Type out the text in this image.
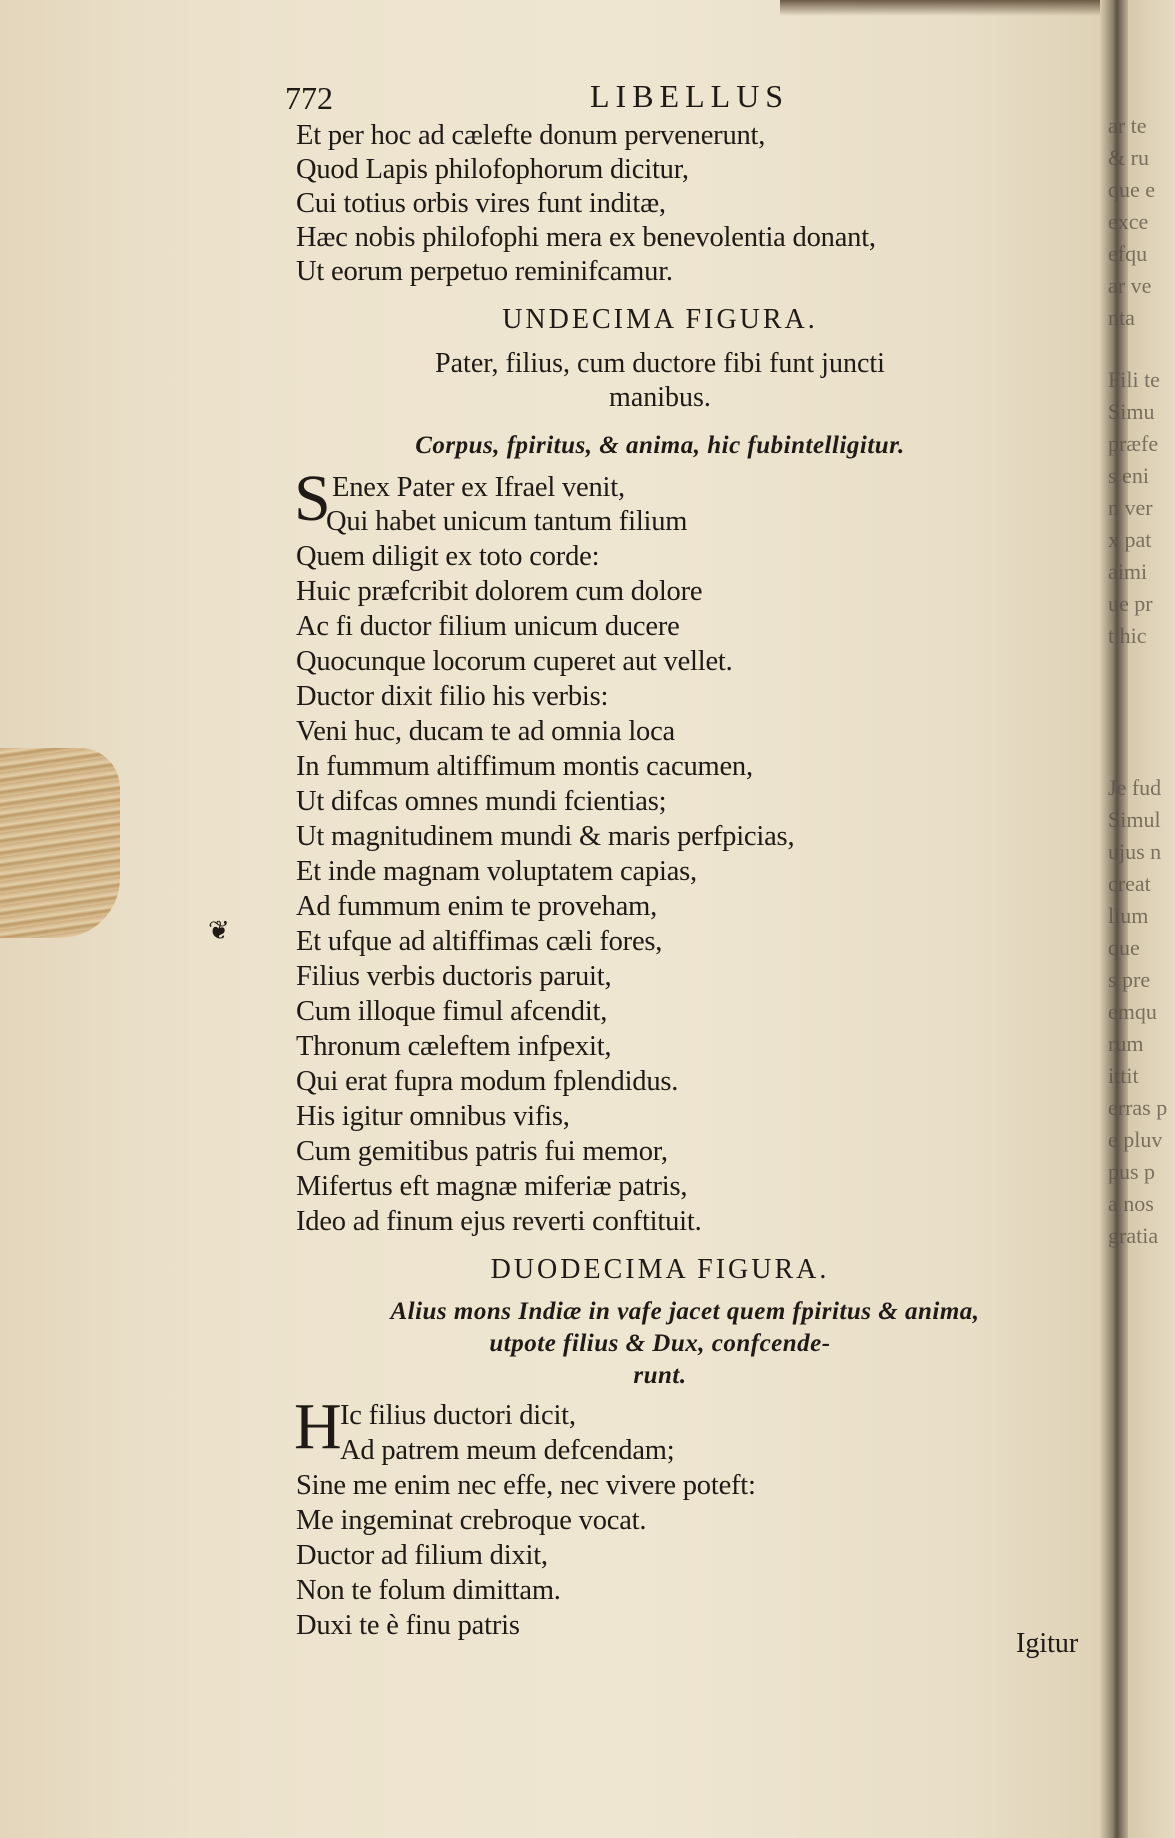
ar te
& ru
que e
exce
efqu
ar ve
nta
Fili te
Simu
præfe
s eni
n ver
x pat
aimi
ue pr
t hic
Je fud
Simul
ujus n
creat
lium
que
s pre
emqu
rum
ittit
erras p
e pluv
pus p
a nos
gratia
772	LIBELLUS
Et per hoc ad cælefte donum pervenerunt,
Quod Lapis philofophorum dicitur,
Cui totius orbis vires funt inditæ,
Hæc nobis philofophi mera ex benevolentia donant,
Ut eorum perpetuo reminifcamur.
UNDECIMA FIGURA.
Pater, filius, cum ductore fibi funt juncti
manibus.
Corpus, fpiritus, & anima, hic fubintelligitur.
S Enex Pater ex Ifrael venit,
Qui habet unicum tantum filium
Quem diligit ex toto corde:
Huic præfcribit dolorem cum dolore
Ac fi ductor filium unicum ducere
Quocunque locorum cuperet aut vellet.
Ductor dixit filio his verbis:
Veni huc, ducam te ad omnia loca
In fummum altiffimum montis cacumen,
Ut difcas omnes mundi fcientias;
Ut magnitudinem mundi & maris perfpicias,
Et inde magnam voluptatem capias,
Ad fummum enim te proveham,
Et ufque ad altiffimas cæli fores,
Filius verbis ductoris paruit,
Cum illoque fimul afcendit,
Thronum cæleftem infpexit,
Qui erat fupra modum fplendidus.
His igitur omnibus vifis,
Cum gemitibus patris fui memor,
Mifertus eft magnæ miferiæ patris,
Ideo ad finum ejus reverti conftituit.
❦
DUODECIMA FIGURA.
Alius mons Indiæ in vafe jacet quem fpiritus & anima,
utpote filius & Dux, confcende-
runt.
H
Ic filius ductori dicit,
Ad patrem meum defcendam;
Sine me enim nec effe, nec vivere poteft:
Me ingeminat crebroque vocat.
Ductor ad filium dixit,
Non te folum dimittam.
Duxi te è finu patris
Igitur
